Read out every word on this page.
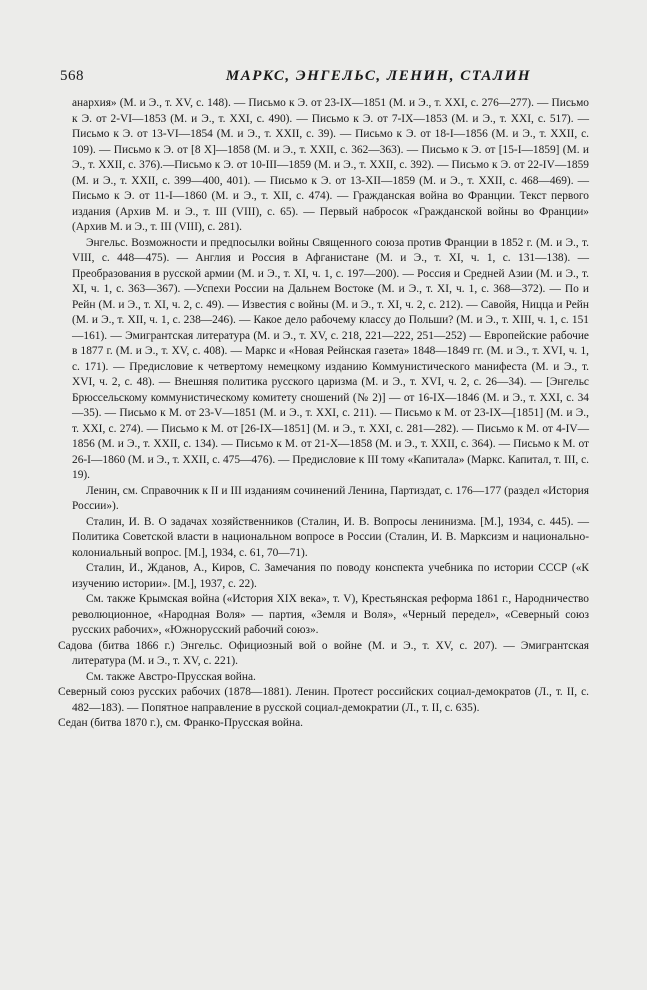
568	МАРКС, ЭНГЕЛЬС, ЛЕНИН, СТАЛИН

анархия» (М. и Э., т. XV, с. 148). — Письмо к Э. от 23-IX—1851 (М. и Э., т. XXI, с. 276—277). — Письмо к Э. от 2-VI—1853 (М. и Э., т. XXI, с. 490). — Письмо к Э. от 7-IX—1853 (М. и Э., т. XXI, с. 517). — Письмо к Э. от 13-VI—1854 (М. и Э., т. XXII, с. 39). — Письмо к Э. от 18-I—1856 (М. и Э., т. XXII, с. 109). — Письмо к Э. от [8 X]—1858 (М. и Э., т. XXII, с. 362—363). — Письмо к Э. от [15-I—1859] (М. и Э., т. XXII, с. 376).—Письмо к Э. от 10-III—1859 (М. и Э., т. XXII, с. 392). — Письмо к Э. от 22-IV—1859 (М. и Э., т. XXII, с. 399—400, 401). — Письмо к Э. от 13-XII—1859 (М. и Э., т. XXII, с. 468—469). — Письмо к Э. от 11-I—1860 (М. и Э., т. XII, с. 474). — Гражданская война во Франции. Текст первого издания (Архив М. и Э., т. III (VIII), с. 65). — Первый набросок «Гражданской войны во Франции» (Архив М. и Э., т. III (VIII), с. 281).

Энгельс. Возможности и предпосылки войны Священного союза против Франции в 1852 г. (М. и Э., т. VIII, с. 448—475). — Англия и Россия в Афганистане (М. и Э., т. XI, ч. 1, с. 131—138). — Преобразования в русской армии (М. и Э., т. XI, ч. 1, с. 197—200). — Россия и Средней Азии (М. и Э., т. XI, ч. 1, с. 363—367). —Успехи России на Дальнем Востоке (М. и Э., т. XI, ч. 1, с. 368—372). — По и Рейн (М. и Э., т. XI, ч. 2, с. 49). — Известия с войны (М. и Э., т. XI, ч. 2, с. 212). — Савойя, Ницца и Рейн (М. и Э., т. XII, ч. 1, с. 238—246). — Какое дело рабочему классу до Польши? (М. и Э., т. XIII, ч. 1, с. 151—161). — Эмигрантская литература (М. и Э., т. XV, с. 218, 221—222, 251—252) — Европейские рабочие в 1877 г. (М. и Э., т. XV, с. 408). — Маркс и «Новая Рейнская газета» 1848—1849 гг. (М. и Э., т. XVI, ч. 1, с. 171). — Предисловие к четвертому немецкому изданию Коммунистического манифеста (М. и Э., т. XVI, ч. 2, с. 48). — Внешняя политика русского царизма (М. и Э., т. XVI, ч. 2, с. 26—34). — [Энгельс Брюссельскому коммунистическому комитету сношений (№ 2)] — от 16-IX—1846 (М. и Э., т. XXI, с. 34—35). — Письмо к М. от 23-V—1851 (М. и Э., т. XXI, с. 211). — Письмо к М. от 23-IX—[1851] (М. и Э., т. XXI, с. 274). — Письмо к М. от [26-IX—1851] (М. и Э., т. XXI, с. 281—282). — Письмо к М. от 4-IV—1856 (М. и Э., т. XXII, с. 134). — Письмо к М. от 21-X—1858 (М. и Э., т. XXII, с. 364). — Письмо к М. от 26-I—1860 (М. и Э., т. XXII, с. 475—476). — Предисловие к III тому «Капитала» (Маркс. Капитал, т. III, с. 19).

Ленин, см. Справочник к II и III изданиям сочинений Ленина, Партиздат, с. 176—177 (раздел «История России»).

Сталин, И. В. О задачах хозяйственников (Сталин, И. В. Вопросы ленинизма. [М.], 1934, с. 445). — Политика Советской власти в национальном вопросе в России (Сталин, И. В. Марксизм и национально-колониальный вопрос. [М.], 1934, с. 61, 70—71).

Сталин, И., Жданов, А., Киров, С. Замечания по поводу конспекта учебника по истории СССР («К изучению истории». [М.], 1937, с. 22).

См. также Крымская война («История XIX века», т. V), Крестьянская реформа 1861 г., Народничество революционное, «Народная Воля» — партия, «Земля и Воля», «Черный передел», «Северный союз русских рабочих», «Южнорусский рабочий союз».

Садова (битва 1866 г.) Энгельс. Официозный вой о войне (М. и Э., т. XV, с. 207). — Эмигрантская литература (М. и Э., т. XV, с. 221).

См. также Австро-Прусская война.

Северный союз русских рабочих (1878—1881). Ленин. Протест российских социал-демократов (Л., т. II, с. 482—183). — Попятное направление в русской социал-демократии (Л., т. II, с. 635).

Седан (битва 1870 г.), см. Франко-Прусская война.
